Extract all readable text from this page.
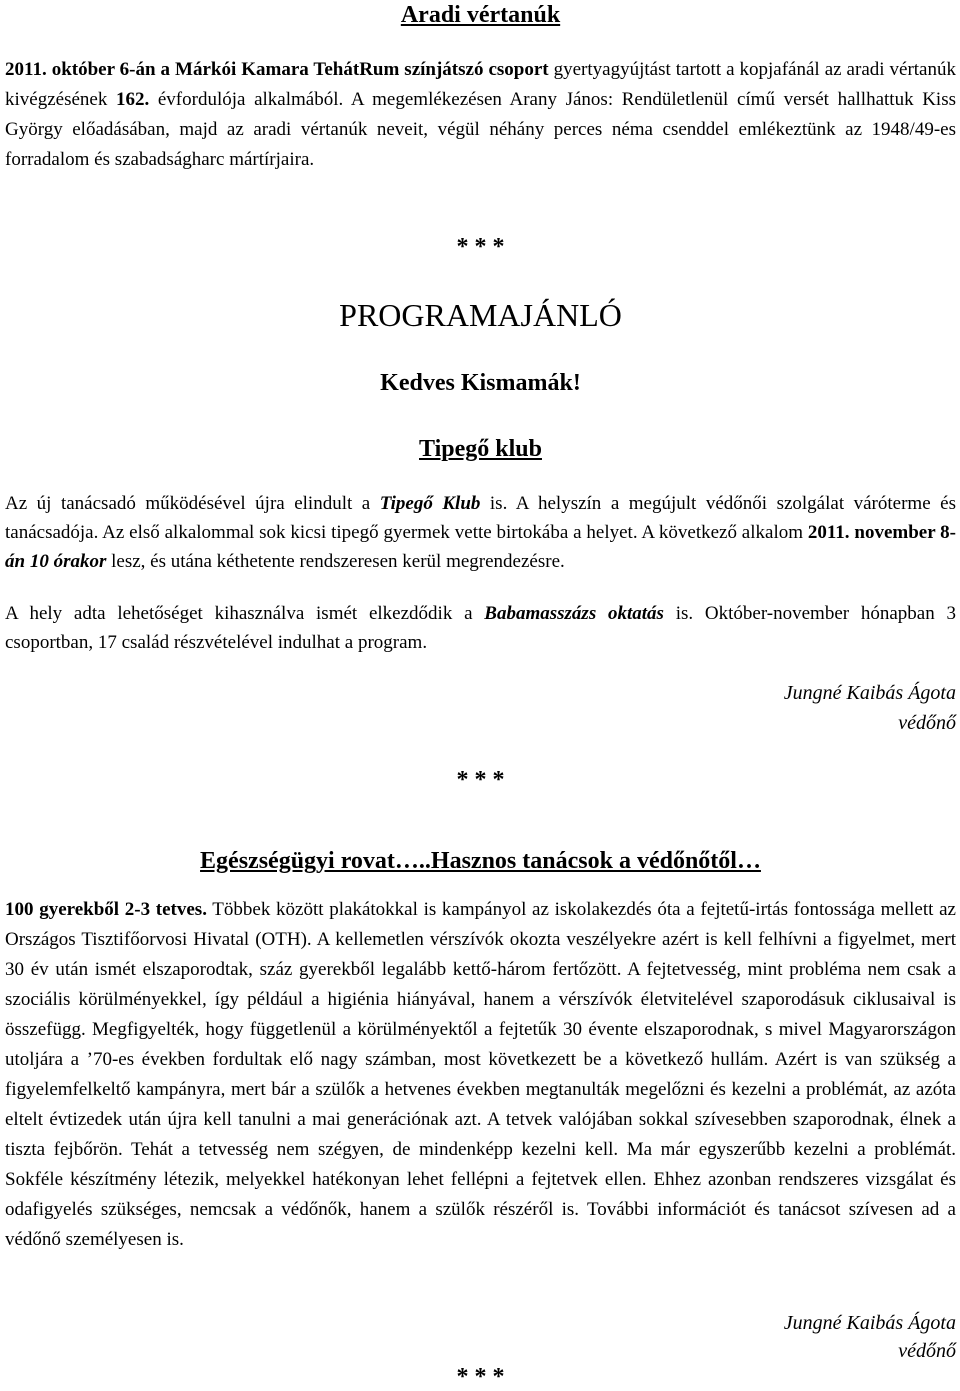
Aradi vértanúk
2011. október 6-án a Márkói Kamara TehátRum színjátszó csoport gyertyagyújtást tartott a kopjafánál az aradi vértanúk kivégzésének 162. évfordulója alkalmából. A megemlékezésen Arany János: Rendületlenül című versét hallhattuk Kiss György előadásában, majd az aradi vértanúk neveit, végül néhány perces néma csenddel emlékeztünk az 1948/49-es forradalom és szabadságharc mártírjaira.
* * *
PROGRAMAJÁNLÓ
Kedves Kismamák!
Tipegő klub
Az új tanácsadó működésével újra elindult a Tipegő Klub is. A helyszín a megújult védőnői szolgálat váróterme és tanácsadója. Az első alkalommal sok kicsi tipegő gyermek vette birtokába a helyet. A következő alkalom 2011. november 8-án 10 órakor lesz, és utána kéthetente rendszeresen kerül megrendezésre.
A hely adta lehetőséget kihasználva ismét elkezdődik a Babamasszázs oktatás is. Október-november hónapban 3 csoportban, 17 család részvételével indulhat a program.
Jungné Kaibás Ágota
védőnő
* * *
Egészségügyi rovat…..Hasznos tanácsok a védőnőtől…
100 gyerekből 2-3 tetves. Többek között plakátokkal is kampányol az iskolakezdés óta a fejtetű-irtás fontossága mellett az Országos Tisztifőorvosi Hivatal (OTH). A kellemetlen vérszívók okozta veszélyekre azért is kell felhívni a figyelmet, mert 30 év után ismét elszaporodtak, száz gyerekből legalább kettő-három fertőzött. A fejtetvesség, mint probléma nem csak a szociális körülményekkel, így például a higiénia hiányával, hanem a vérszívók életvitelével szaporodásuk ciklusaival is összefügg. Megfigyelték, hogy függetlenül a körülményektől a fejtetűk 30 évente elszaporodnak, s mivel Magyarországon utoljára a ’70-es években fordultak elő nagy számban, most következett be a következő hullám. Azért is van szükség a figyelemfelkeltő kampányra, mert bár a szülők a hetvenes években megtanulták megelőzni és kezelni a problémát, az azóta eltelt évtizedek után újra kell tanulni a mai generációnak azt. A tetvek valójában sokkal szívesebben szaporodnak, élnek a tiszta fejbőrön. Tehát a tetvesség nem szégyen, de mindenképp kezelni kell. Ma már egyszerűbb kezelni a problémát. Sokféle készítmény létezik, melyekkel hatékonyan lehet fellépni a fejtetvek ellen. Ehhez azonban rendszeres vizsgálat és odafigyelés szükséges, nemcsak a védőnők, hanem a szülők részéről is. További információt és tanácsot szívesen ad a védőnő személyesen is.
Jungné Kaibás Ágota
védőnő
* * *
